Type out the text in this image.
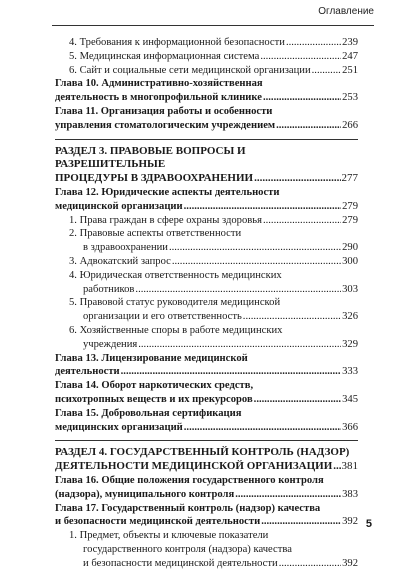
Оглавление
4. Требования к информационной безопасности .....	239
5. Медицинская информационная система .....	247
6. Сайт и социальные сети медицинской организации .....	251
Глава 10. Административно-хозяйственная
деятельность в многопрофильной клинике .....	253
Глава 11. Организация работы и особенности
управления стоматологическим учреждением .....	266
РАЗДЕЛ 3. ПРАВОВЫЕ ВОПРОСЫ И РАЗРЕШИТЕЛЬНЫЕ
ПРОЦЕДУРЫ В ЗДРАВООХРАНЕНИИ .....	277
Глава 12. Юридические аспекты деятельности
медицинской организации .....	279
1. Права граждан в сфере охраны здоровья .....	279
2. Правовые аспекты ответственности
в здравоохранении .....	290
3. Адвокатский запрос .....	300
4. Юридическая ответственность медицинских
работников .....	303
5. Правовой статус руководителя медицинской
организации и его ответственность .....	326
6. Хозяйственные споры в работе медицинских
учреждения .....	329
Глава 13. Лицензирование медицинской
деятельности .....	333
Глава 14. Оборот наркотических средств,
психотропных веществ и их прекурсоров .....	345
Глава 15. Добровольная сертификация
медицинских организаций .....	366
РАЗДЕЛ 4. ГОСУДАРСТВЕННЫЙ КОНТРОЛЬ (НАДЗОР)
ДЕЯТЕЛЬНОСТИ МЕДИЦИНСКОЙ ОРГАНИЗАЦИИ ..... 381
Глава 16. Общие положения государственного контроля
(надзора), муниципального контроля .....	383
Глава 17. Государственный контроль (надзор) качества
и безопасности медицинской деятельности .....	392
1. Предмет, объекты и ключевые показатели
государственного контроля (надзора) качества
и безопасности медицинской деятельности .....	392
5
